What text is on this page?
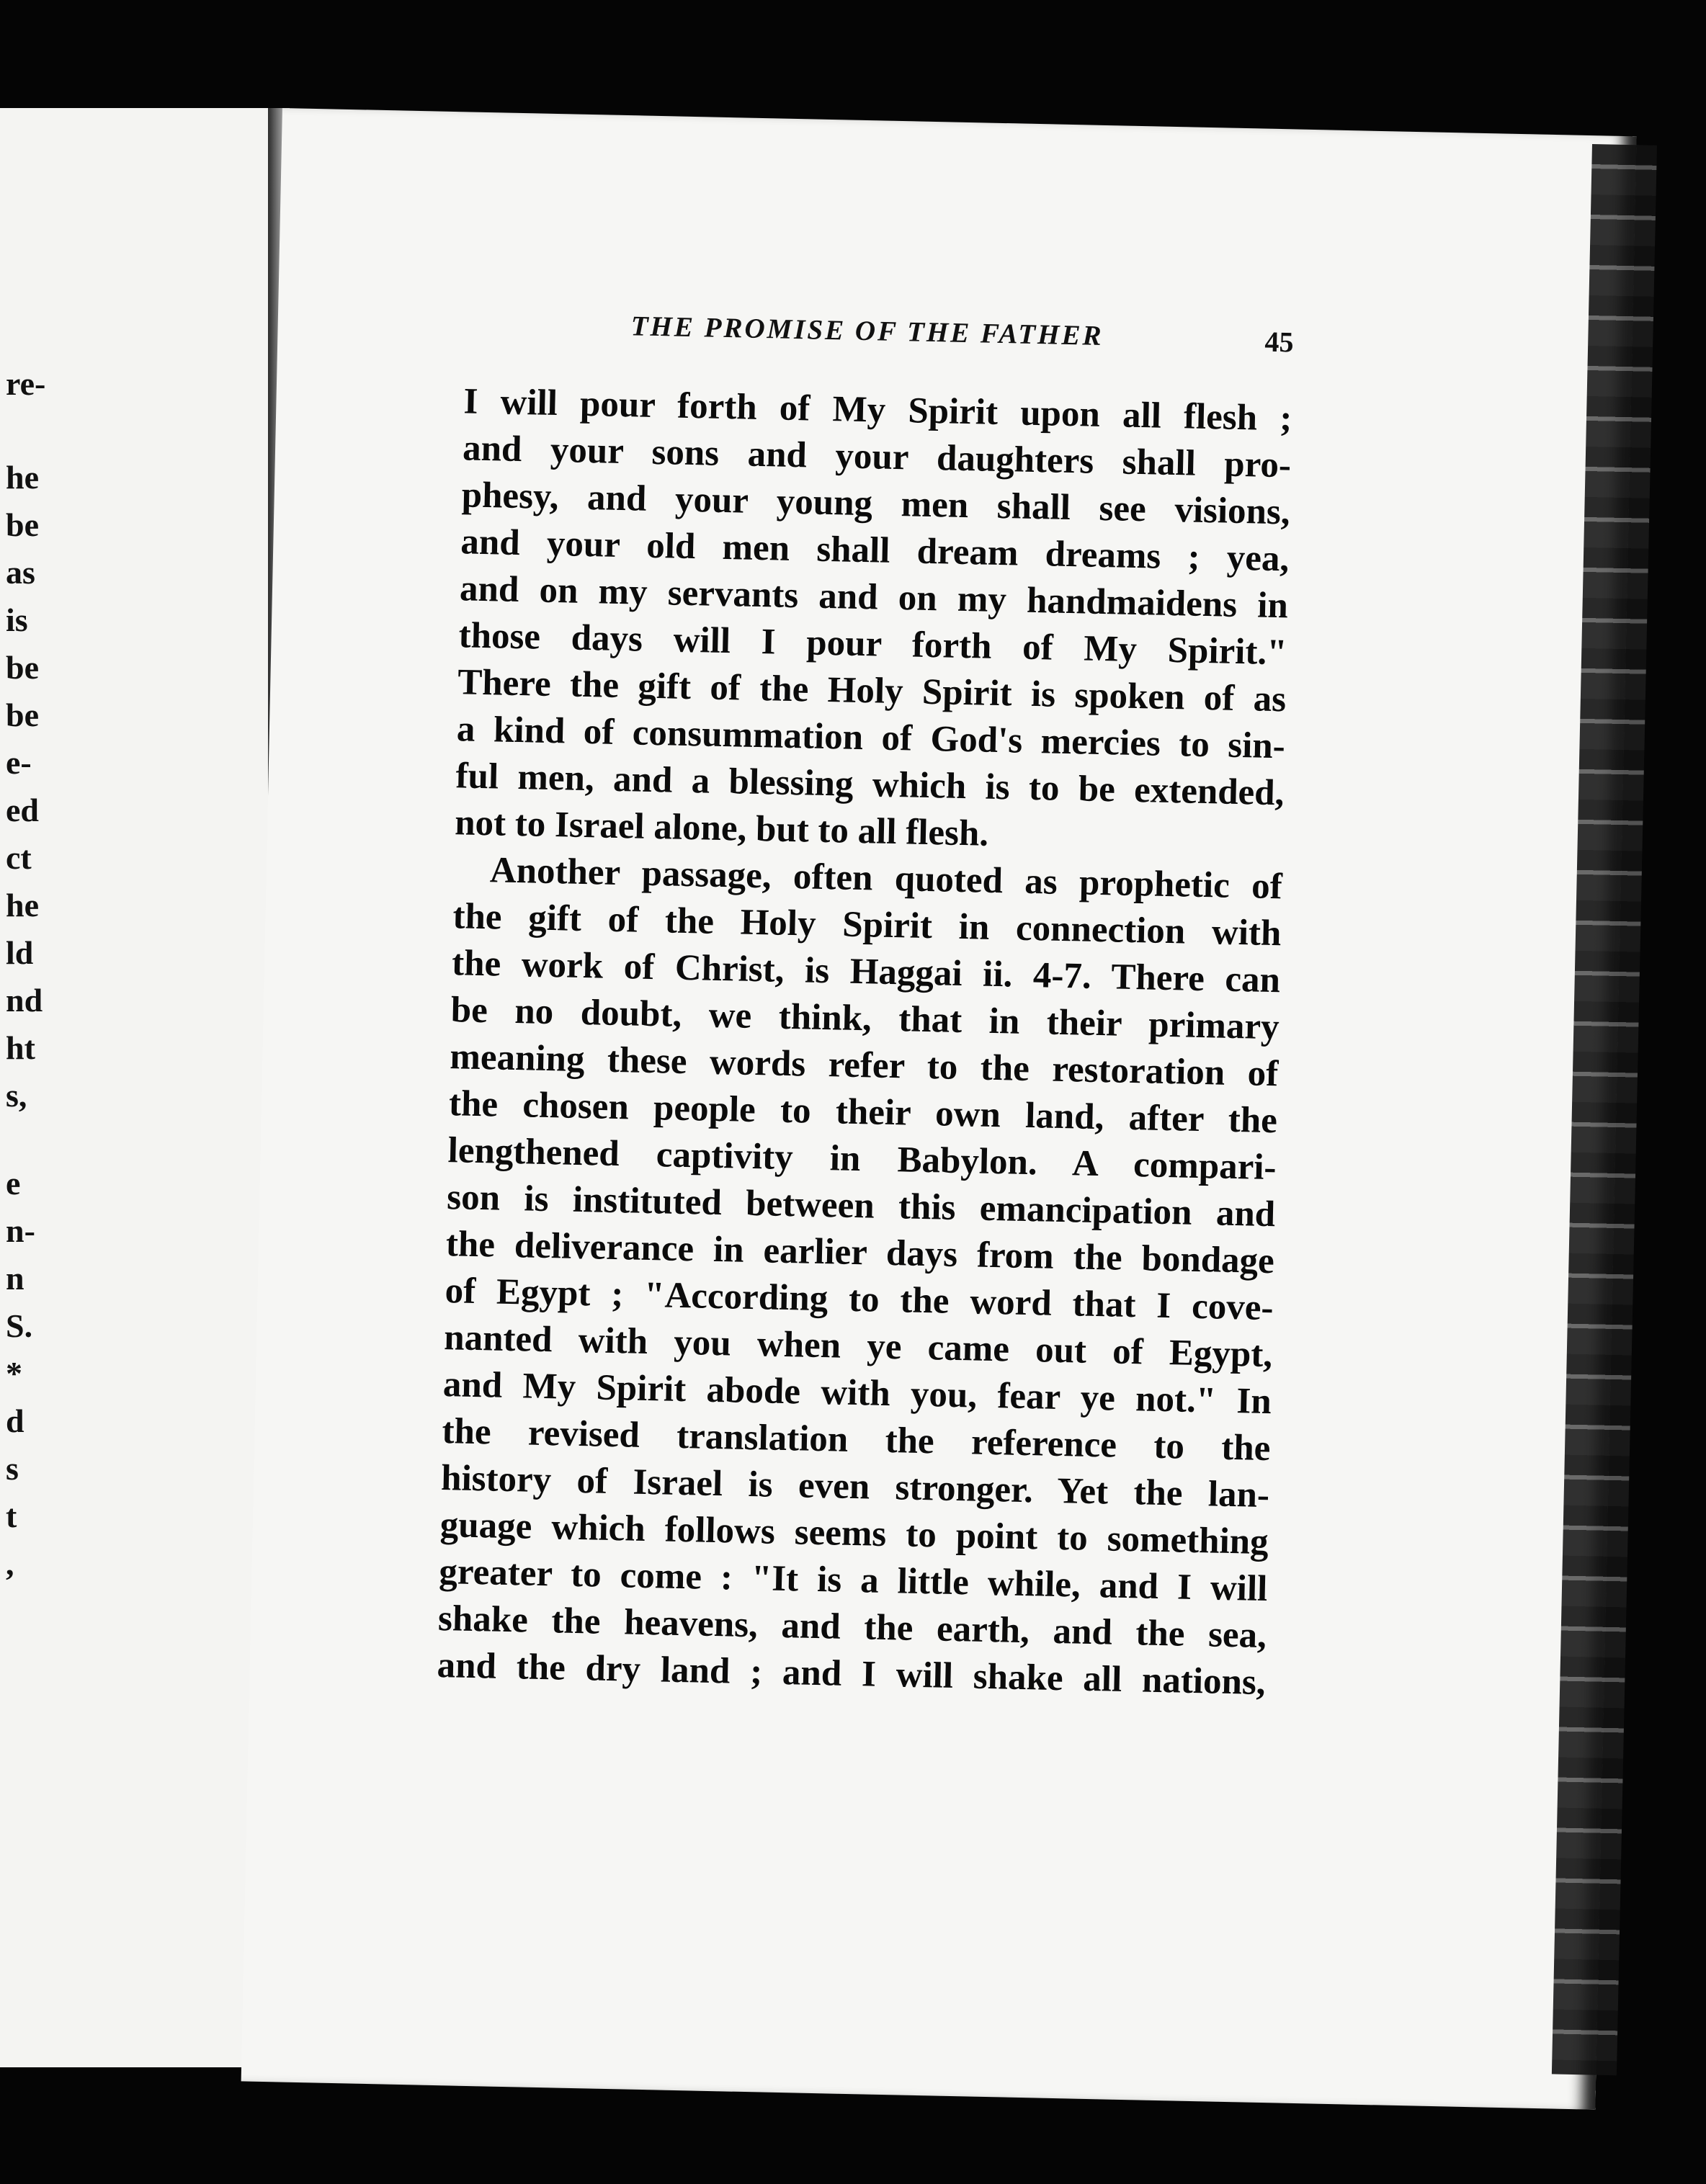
re-
he
be
as
is
be
be
e-
ed
ct
he
ld
nd
ht
s,
e
n-
n
S.
*
d
s
t
,
THE PROMISE OF THE FATHER	45
I will pour forth of My Spirit upon all flesh ;
and your sons and your daughters shall pro-
phesy, and your young men shall see visions,
and your old men shall dream dreams ; yea,
and on my servants and on my handmaidens in
those days will I pour forth of My Spirit."
There the gift of the Holy Spirit is spoken of as
a kind of consummation of God's mercies to sin-
ful men, and a blessing which is to be extended,
not to Israel alone, but to all flesh.
Another passage, often quoted as prophetic of
the gift of the Holy Spirit in connection with
the work of Christ, is Haggai ii. 4-7. There can
be no doubt, we think, that in their primary
meaning these words refer to the restoration of
the chosen people to their own land, after the
lengthened captivity in Babylon. A compari-
son is instituted between this emancipation and
the deliverance in earlier days from the bondage
of Egypt ; "According to the word that I cove-
nanted with you when ye came out of Egypt,
and My Spirit abode with you, fear ye not." In
the revised translation the reference to the
history of Israel is even stronger. Yet the lan-
guage which follows seems to point to something
greater to come : "It is a little while, and I will
shake the heavens, and the earth, and the sea,
and the dry land ; and I will shake all nations,
